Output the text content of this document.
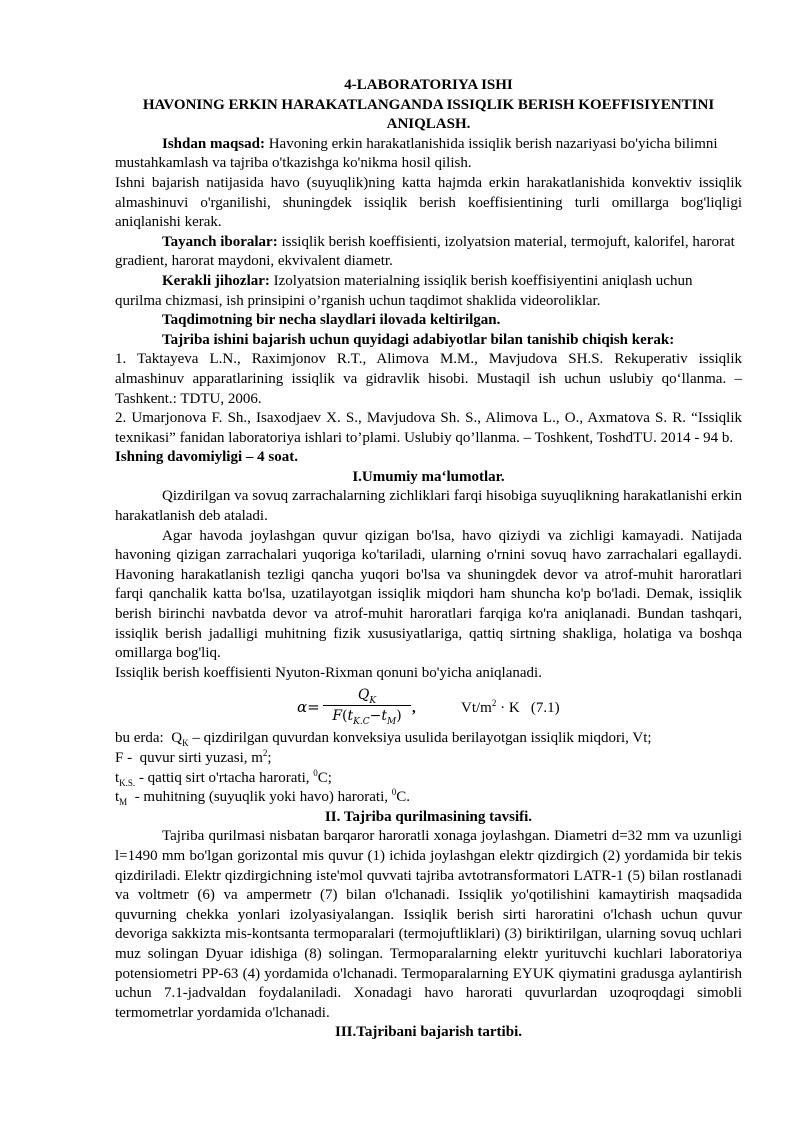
4-LABORATORIYA ISHI

HAVONING ERKIN HARAKATLANGANDA ISSIQLIK BERISH KOEFFISIYENTINI ANIQLASH.

Ishdan maqsad: Havoning erkin harakatlanishida issiqlik berish nazariyasi bo'yicha bilimni mustahkamlash va tajriba o'tkazishga ko'nikma hosil qilish.

Ishni bajarish natijasida havo (suyuqlik)ning katta hajmda erkin harakatlanishida konvektiv issiqlik almashinuvi o'rganilishi, shuningdek issiqlik berish koeffisientining turli omillarga bog'liqligi aniqlanishi kerak.

Tayanch iboralar: issiqlik berish koeffisienti, izolyatsion material, termojuft, kalorifel, harorat gradient, harorat maydoni, ekvivalent diametr.

Kerakli jihozlar: Izolyatsion materialning issiqlik berish koeffisiyentini aniqlash uchun qurilma chizmasi, ish prinsipini o’rganish uchun taqdimot shaklida videoroliklar.

Taqdimotning bir necha slaydlari ilovada keltirilgan.

Tajriba ishini bajarish uchun quyidagi adabiyotlar bilan tanishib chiqish kerak:

1. Taktayeva L.N., Raximjonov R.T., Alimova M.M., Mavjudova SH.S. Rekuperativ issiqlik almashinuv apparatlarining issiqlik va gidravlik hisobi. Mustaqil ish uchun uslubiy qo‘llanma. – Tashkent.: TDTU, 2006.

2. Umarjonova F. Sh., Isaxodjaev X. S., Mavjudova Sh. S., Alimova L., O., Axmatova S. R. “Issiqlik texnikasi” fanidan laboratoriya ishlari to’plami. Uslubiy qo’llanma. – Toshkent, ToshdTU. 2014 - 94 b.

Ishning davomiyligi – 4 soat.

I.Umumiy ma‘lumotlar.

Qizdirilgan va sovuq zarrachalarning zichliklari farqi hisobiga suyuqlikning harakatlanishi erkin harakatlanish deb ataladi.

Agar havoda joylashgan quvur qizigan bo'lsa, havo qiziydi va zichligi kamayadi. Natijada havoning qizigan zarrachalari yuqoriga ko'tariladi, ularning o'rnini sovuq havo zarrachalari egallaydi. Havoning harakatlanish tezligi qancha yuqori bo'lsa va shuningdek devor va atrof-muhit haroratlari farqi qanchalik katta bo'lsa, uzatilayotgan issiqlik miqdori ham shuncha ko'p bo'ladi. Demak, issiqlik berish birinchi navbatda devor va atrof-muhit haroratlari farqiga ko'ra aniqlanadi. Bundan tashqari, issiqlik berish jadalligi muhitning fizik xususiyatlariga, qattiq sirtning shakliga, holatiga va boshqa omillarga bog'liq.

Issiqlik berish koeffisienti Nyuton-Rixman qonuni bo'yicha aniqlanadi.

α=
$Q_K$
$F(t_{K.C}-t_M)$ ,	$Vt/m^2 \cdot K$ (7.1)

bu erda: $Q_K$ – qizdirilgan quvurdan konveksiya usulida berilayotgan issiqlik miqdori, Vt;

F - quvur sirti yuzasi, $m^2$;

$t_{K.S.}$ - qattiq sirt o'rtacha harorati, $^0$C;

$t_M$  - muhitning (suyuqlik yoki havo) harorati, $^0$C.

II. Tajriba qurilmasining tavsifi.

Tajriba qurilmasi nisbatan barqaror haroratli xonaga joylashgan. Diametri d=32 mm va uzunligi l=1490 mm bo'lgan gorizontal mis quvur (1) ichida joylashgan elektr qizdirgich (2) yordamida bir tekis qizdiriladi. Elektr qizdirgichning iste'mol quvvati tajriba avtotransformatori LATR-1 (5) bilan rostlanadi va voltmetr (6) va ampermetr (7) bilan o'lchanadi. Issiqlik yo'qotilishini kamaytirish maqsadida quvurning chekka yonlari izolyasiyalangan. Issiqlik berish sirti haroratini o'lchash uchun quvur devoriga sakkizta mis-kontsanta termoparalari (termojuftliklari) (3) biriktirilgan, ularning sovuq uchlari muz solingan Dyuar idishiga (8) solingan. Termoparalarning elektr yurituvchi kuchlari laboratoriya potensiometri PP-63 (4) yordamida o'lchanadi. Termoparalarning EYUK qiymatini gradusga aylantirish uchun 7.1-jadvaldan foydalaniladi. Xonadagi havo harorati quvurlardan uzoqroqdagi simobli termometrlar yordamida o'lchanadi.

III.Tajribani bajarish tartibi.
